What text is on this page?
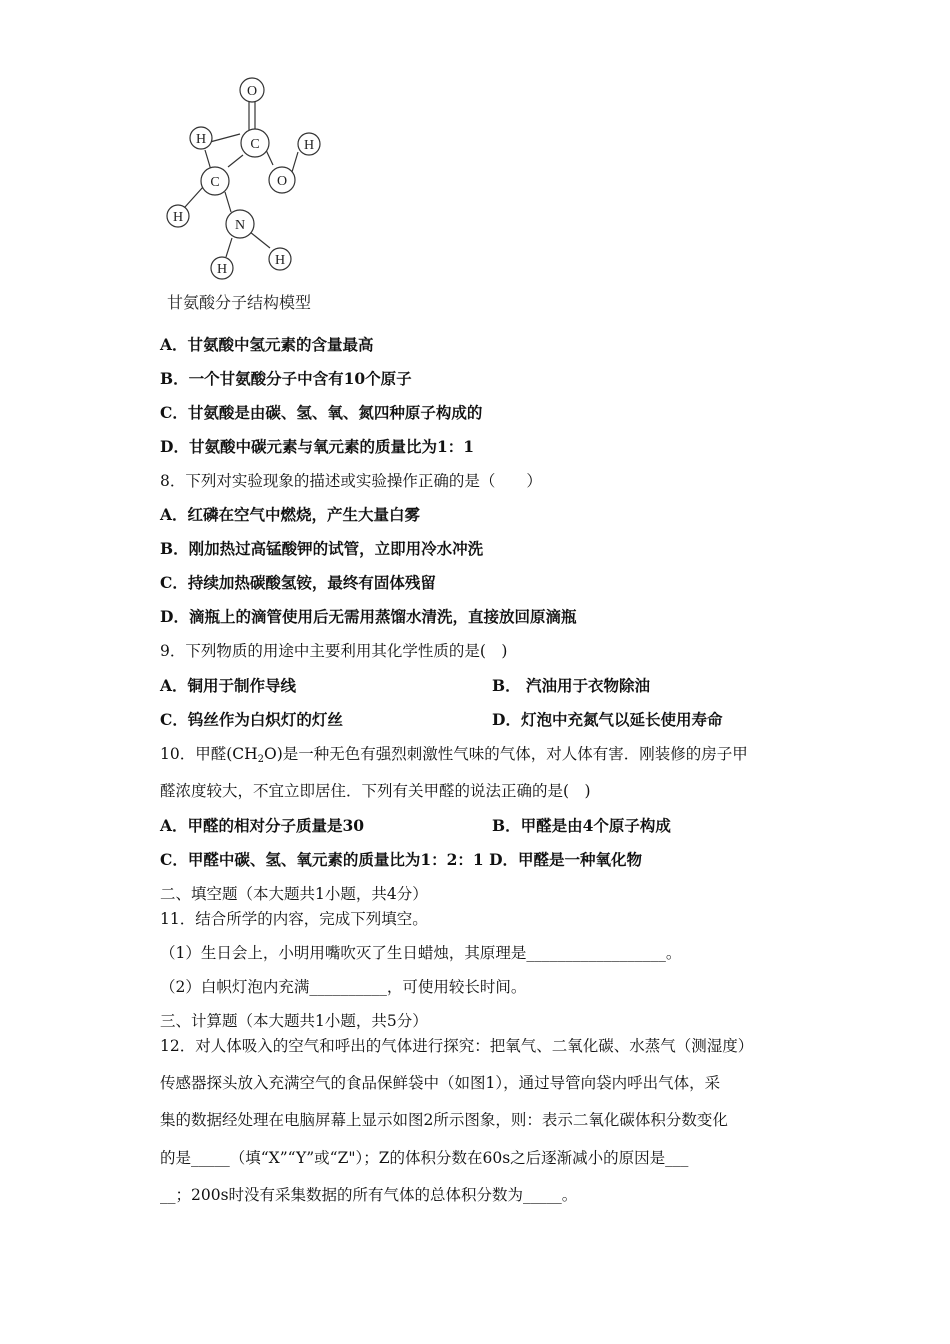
O
C
H
O
H
C
H
N
H
H
甘氨酸分子结构模型
A．甘氨酸中氢元素的含量最高
B．一个甘氨酸分子中含有10个原子
C．甘氨酸是由碳、氢、氧、氮四种原子构成的
D．甘氨酸中碳元素与氧元素的质量比为1：1
8．下列对实验现象的描述或实验操作正确的是（　　）
A．红磷在空气中燃烧，产生大量白雾
B．刚加热过高锰酸钾的试管，立即用冷水冲洗
C．持续加热碳酸氢铵，最终有固体残留
D．滴瓶上的滴管使用后无需用蒸馏水清洗，直接放回原滴瓶
9．下列物质的用途中主要利用其化学性质的是(　)
A．铜用于制作导线	B． 汽油用于衣物除油
C．钨丝作为白炽灯的灯丝	D．灯泡中充氮气以延长使用寿命
10．甲醛$(CH_2O)$是一种无色有强烈刺激性气味的气体，对人体有害．刚装修的房子甲
醛浓度较大，不宜立即居住．下列有关甲醛的说法正确的是(　)
A．甲醛的相对分子质量是30	B．甲醛是由4个原子构成
C．甲醛中碳、氢、氧元素的质量比为1：2：1 D．甲醛是一种氧化物
二、填空题（本大题共1小题，共4分）
11．结合所学的内容，完成下列填空。
（1）生日会上，小明用嘴吹灭了生日蜡烛，其原理是__________________。
（2）白帜灯泡内充满__________，可使用较长时间。
三、计算题（本大题共1小题，共5分）
12．对人体吸入的空气和呼出的气体进行探究：把氧气、二氧化碳、水蒸气（测湿度）
传感器探头放入充满空气的食品保鲜袋中（如图1），通过导管向袋内呼出气体，采
集的数据经处理在电脑屏幕上显示如图2所示图象，则：表示二氧化碳体积分数变化
的是_____（填“X”“Y”或“Z"）；Z的体积分数在60s之后逐渐减小的原因是___
__；200s时没有采集数据的所有气体的总体积分数为_____。
